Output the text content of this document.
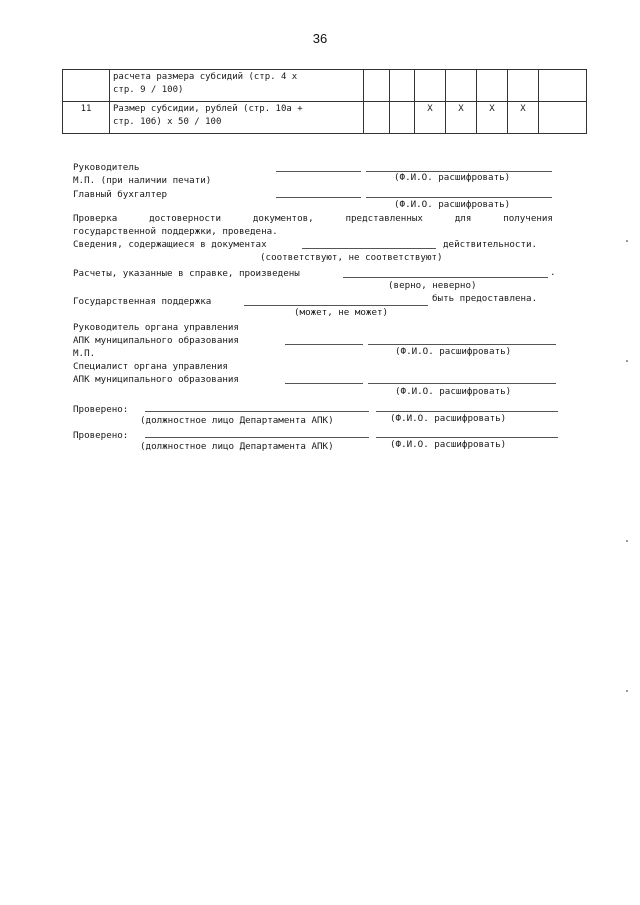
36

	расчета размера субсидий (стр. 4 х
стр. 9 / 100)							

11	Размер субсидии, рублей (стр. 10а +
стр. 10б) х 50 / 100			Х	Х	Х	Х	
Руководитель
М.П. (при наличии печати)	(Ф.И.О. расшифровать)
Главный бухгалтер
(Ф.И.О. расшифровать)
Проверка	достоверности	документов,	представленных	для	получения
государственной поддержки, проведена.
Сведения, содержащиеся в документах	действительности.
(соответствуют, не соответствуют)
Расчеты, указанные в справке, произведены	.
(верно, неверно)
Государственная поддержка	быть предоставлена.
(может, не может)
Руководитель органа управления
АПК муниципального образования
М.П.	(Ф.И.О. расшифровать)
Специалист органа управления
АПК муниципального образования
(Ф.И.О. расшифровать)
Проверено:
(должностное лицо Департамента АПК)	(Ф.И.О. расшифровать)
Проверено:
(должностное лицо Департамента АПК)	(Ф.И.О. расшифровать)
